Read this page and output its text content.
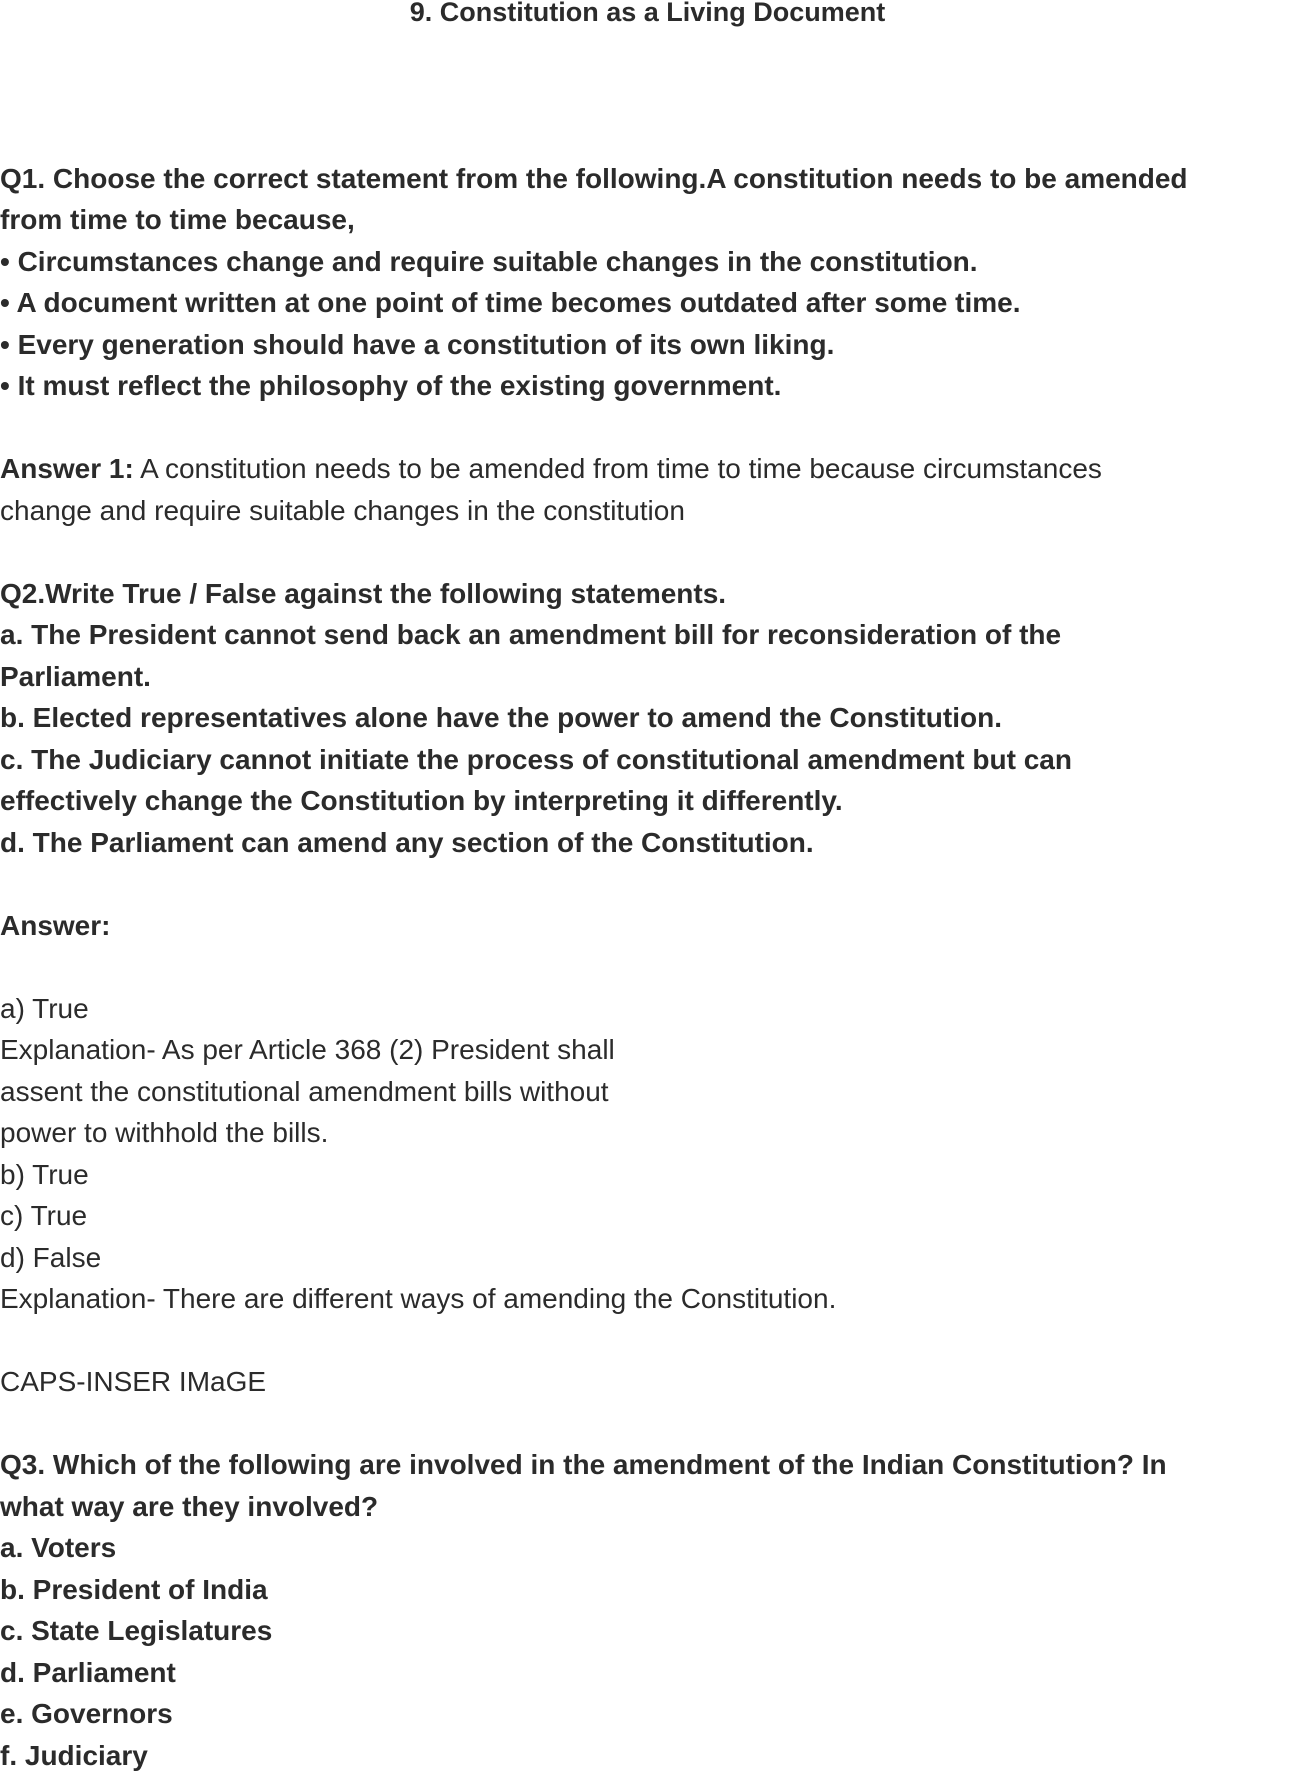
9. Constitution as a Living Document
Q1. Choose the correct statement from the following.A constitution needs to be amended
from time to time because,
• Circumstances change and require suitable changes in the constitution.
• A document written at one point of time becomes outdated after some time.
• Every generation should have a constitution of its own liking.
• It must reflect the philosophy of the existing government.
Answer 1: A constitution needs to be amended from time to time because circumstances
change and require suitable changes in the constitution
Q2.Write True / False against the following statements.
a. The President cannot send back an amendment bill for reconsideration of the
Parliament.
b. Elected representatives alone have the power to amend the Constitution.
c. The Judiciary cannot initiate the process of constitutional amendment but can
effectively change the Constitution by interpreting it differently.
d. The Parliament can amend any section of the Constitution.
Answer:
a) True
Explanation- As per Article 368 (2) President shall
assent the constitutional amendment bills without
power to withhold the bills.
b) True
c) True
d) False
Explanation- There are different ways of amending the Constitution.
CAPS-INSER IMaGE
Q3. Which of the following are involved in the amendment of the Indian Constitution? In
what way are they involved?
a. Voters
b. President of India
c. State Legislatures
d. Parliament
e. Governors
f. Judiciary
